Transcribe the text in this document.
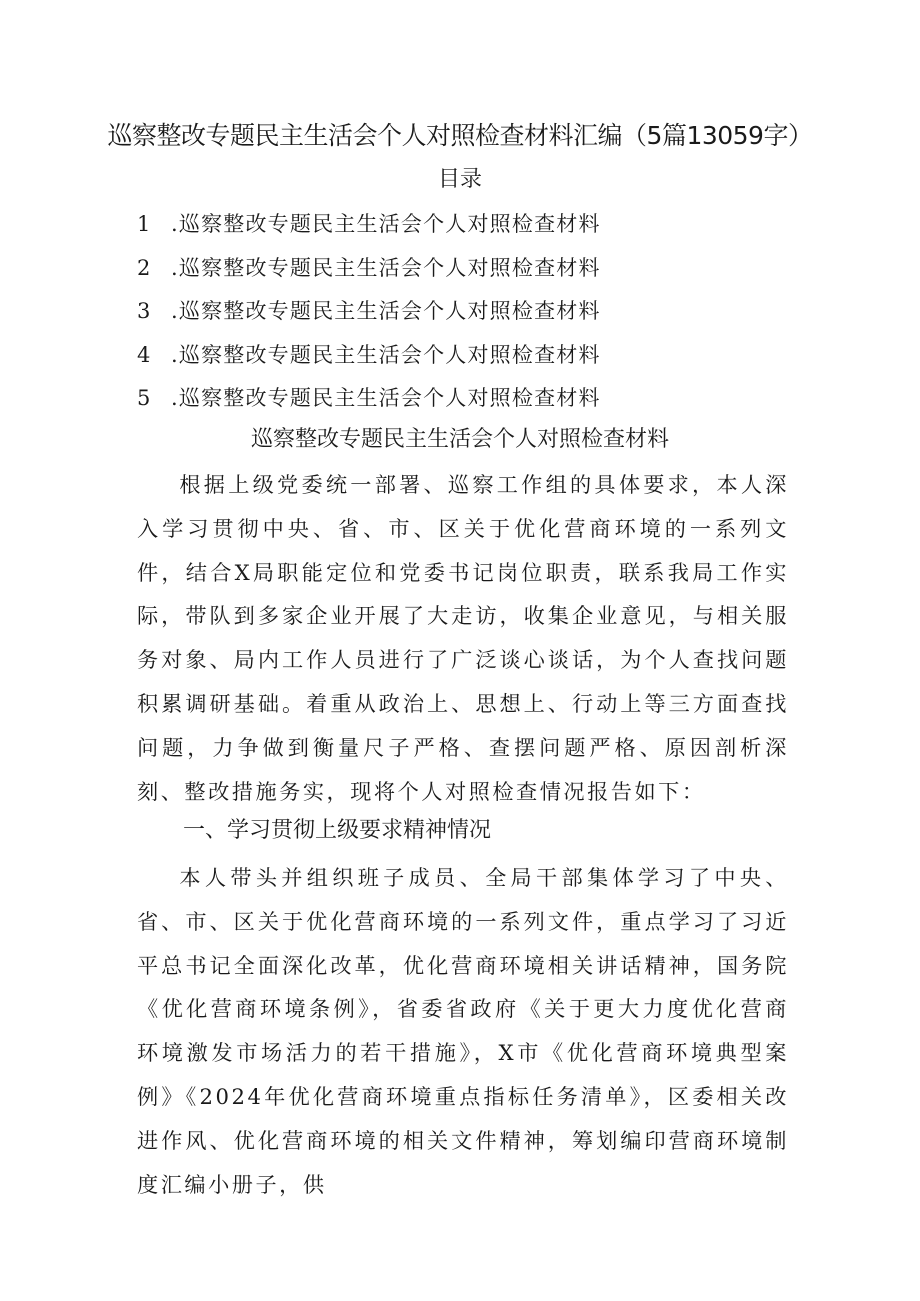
巡察整改专题民主生活会个人对照检查材料汇编（5篇13059字）
目录
1 .巡察整改专题民主生活会个人对照检查材料
2 .巡察整改专题民主生活会个人对照检查材料
3 .巡察整改专题民主生活会个人对照检查材料
4 .巡察整改专题民主生活会个人对照检查材料
5 .巡察整改专题民主生活会个人对照检查材料
巡察整改专题民主生活会个人对照检查材料

根据上级党委统一部署、巡察工作组的具体要求，本人深入学习贯彻中央、省、市、区关于优化营商环境的一系列文件，结合X局职能定位和党委书记岗位职责，联系我局工作实际，带队到多家企业开展了大走访，收集企业意见，与相关服务对象、局内工作人员进行了广泛谈心谈话，为个人查找问题积累调研基础。着重从政治上、思想上、行动上等三方面查找问题，力争做到衡量尺子严格、查摆问题严格、原因剖析深刻、整改措施务实，现将个人对照检查情况报告如下：

一、学习贯彻上级要求精神情况

本人带头并组织班子成员、全局干部集体学习了中央、省、市、区关于优化营商环境的一系列文件，重点学习了习近平总书记全面深化改革，优化营商环境相关讲话精神，国务院《优化营商环境条例》，省委省政府《关于更大力度优化营商环境激发市场活力的若干措施》，X市《优化营商环境典型案例》《2024年优化营商环境重点指标任务清单》，区委相关改进作风、优化营商环境的相关文件精神，筹划编印营商环境制度汇编小册子，供
